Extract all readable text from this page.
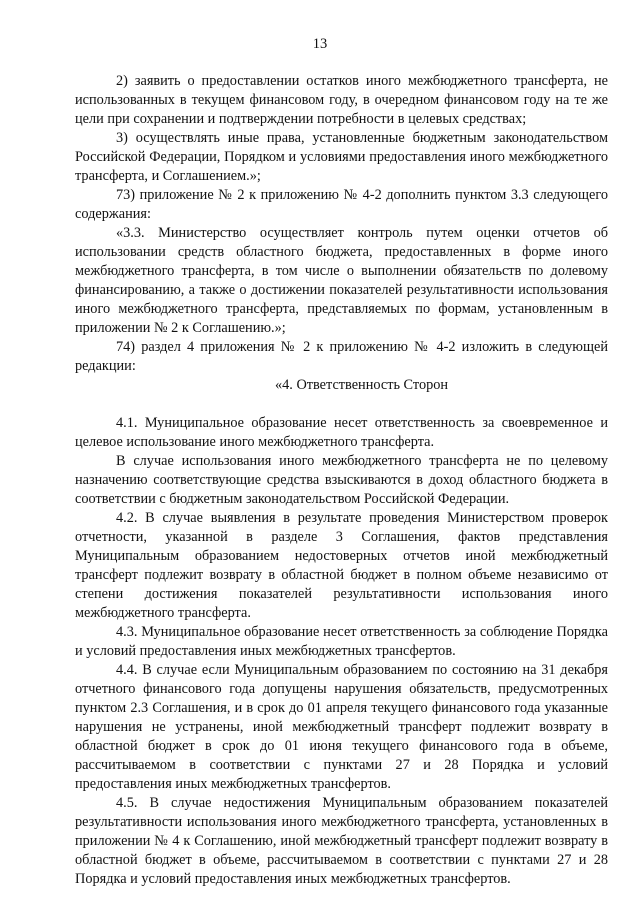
13

2) заявить о предоставлении остатков иного межбюджетного трансферта, не использованных в текущем финансовом году, в очередном финансовом году на те же цели при сохранении и подтверждении потребности в целевых средствах;

3) осуществлять иные права, установленные бюджетным законодательством Российской Федерации, Порядком и условиями предоставления иного межбюджетного трансферта, и Соглашением.»;

73) приложение № 2 к приложению № 4-2 дополнить пунктом 3.3 следующего содержания:

«3.3. Министерство осуществляет контроль путем оценки отчетов об использовании средств областного бюджета, предоставленных в форме иного межбюджетного трансферта, в том числе о выполнении обязательств по долевому финансированию, а также о достижении показателей результативности использования иного межбюджетного трансферта, представляемых по формам, установленным в приложении № 2 к Соглашению.»;

74) раздел 4 приложения № 2 к приложению № 4-2 изложить в следующей редакции:

«4. Ответственность Сторон

4.1. Муниципальное образование несет ответственность за своевременное и целевое использование иного межбюджетного трансферта.

В случае использования иного межбюджетного трансферта не по целевому назначению соответствующие средства взыскиваются в доход областного бюджета в соответствии с бюджетным законодательством Российской Федерации.

4.2. В случае выявления в результате проведения Министерством проверок отчетности, указанной в разделе 3 Соглашения, фактов представления Муниципальным образованием недостоверных отчетов иной межбюджетный трансферт подлежит возврату в областной бюджет в полном объеме независимо от степени достижения показателей результативности использования иного межбюджетного трансферта.

4.3. Муниципальное образование несет ответственность за соблюдение Порядка и условий предоставления иных межбюджетных трансфертов.

4.4. В случае если Муниципальным образованием по состоянию на 31 декабря отчетного финансового года допущены нарушения обязательств, предусмотренных пунктом 2.3 Соглашения, и в срок до 01 апреля текущего финансового года указанные нарушения не устранены, иной межбюджетный трансферт подлежит возврату в областной бюджет в срок до 01 июня текущего финансового года в объеме, рассчитываемом в соответствии с пунктами 27 и 28 Порядка и условий предоставления иных межбюджетных трансфертов.

4.5. В случае недостижения Муниципальным образованием показателей результативности использования иного межбюджетного трансферта, установленных в приложении № 4 к Соглашению, иной межбюджетный трансферт подлежит возврату в областной бюджет в объеме, рассчитываемом в соответствии с пунктами 27 и 28 Порядка и условий предоставления иных межбюджетных трансфертов.
